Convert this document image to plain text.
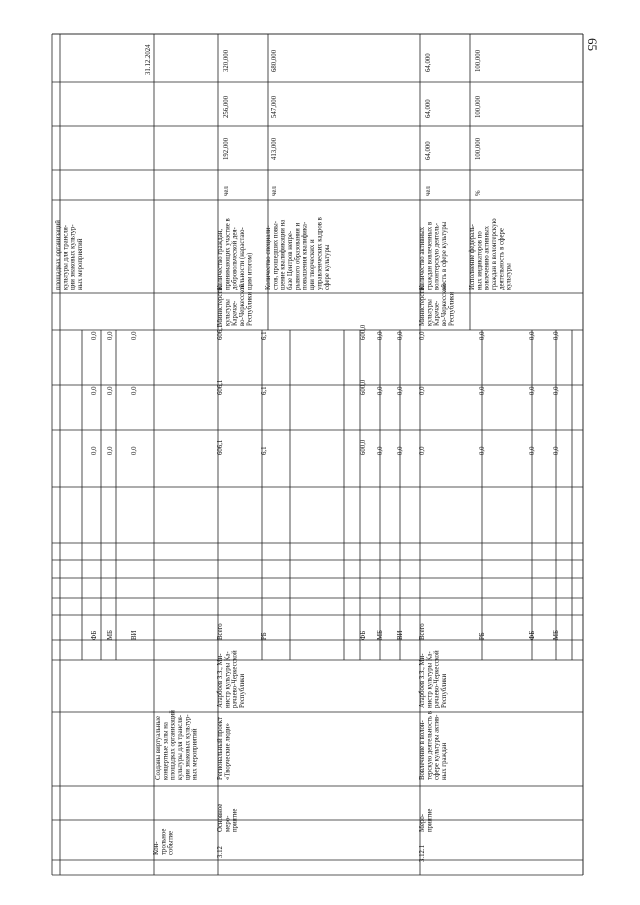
65
Кон-трольноесобытие
Созданы виртуальныеконцертные залы наплощадках организацийкультуры для трансля-ции знаковых культур-ных мероприятий
ФБ
0,0
0,0
0,0
МБ
0,0
0,0
0,0
ВИ
0,0
0,0
0,0
площадках организацийкультуры для трансля-ции знаковых культур-ных мероприятий
31.12.2024
3.12
Основноемеро-приятие
Региональный проект«Творческие люди»
Атарбоев З.З., Ми-нистр культуры Ка-рачаево-ЧеркесскойРеспублики
Всего
606,1
606,1
606,1
РБ
6,1
6,1
6,1
ФБ
600,0
600,0
600,0
МБ
0,0
0,0
0,0
ВИ
0,0
0,0
0,0
МинистерствокультурыКарачае-во-ЧеркесскойРеспублики
Количество граждан,принимающих участие вдобровольческой дея-тельности (нарастаю-щим итогом)
чел
192,000
256,000
320,000
Количество специали-стов, прошедших повы-шение квалификации набазе Центров непре-рывного образования иповышения квалифика-ции творческих иуправленческих кадров всфере культуры
чел
413,000
547,000
680,000
3.12.1
Меро-приятие
Вовлечение в волон-терскую деятельность всфере культуры актив-ных граждан
Атарбоев З.З., Ми-нистр культуры Ка-рачаево-ЧеркесскойРеспублики
Всего
0,0
0,0
0,0
РБ
0,0
0,0
0,0
ФБ
0,0
0,0
0,0
МБ
0,0
0,0
0,0
МинистерствокультурыКарачае-во-ЧеркесскойРеспублики
Количество активныхграждан вовлеченных вволонтерскую деятель-ность в сфере культуры
чел
64,000
64,000
64,000
Исполнение федераль-ных индикаторов пововлечению активныхграждан в волонтерскуюдеятельность в сферекультуры
%
100,000
100,000
100,000
